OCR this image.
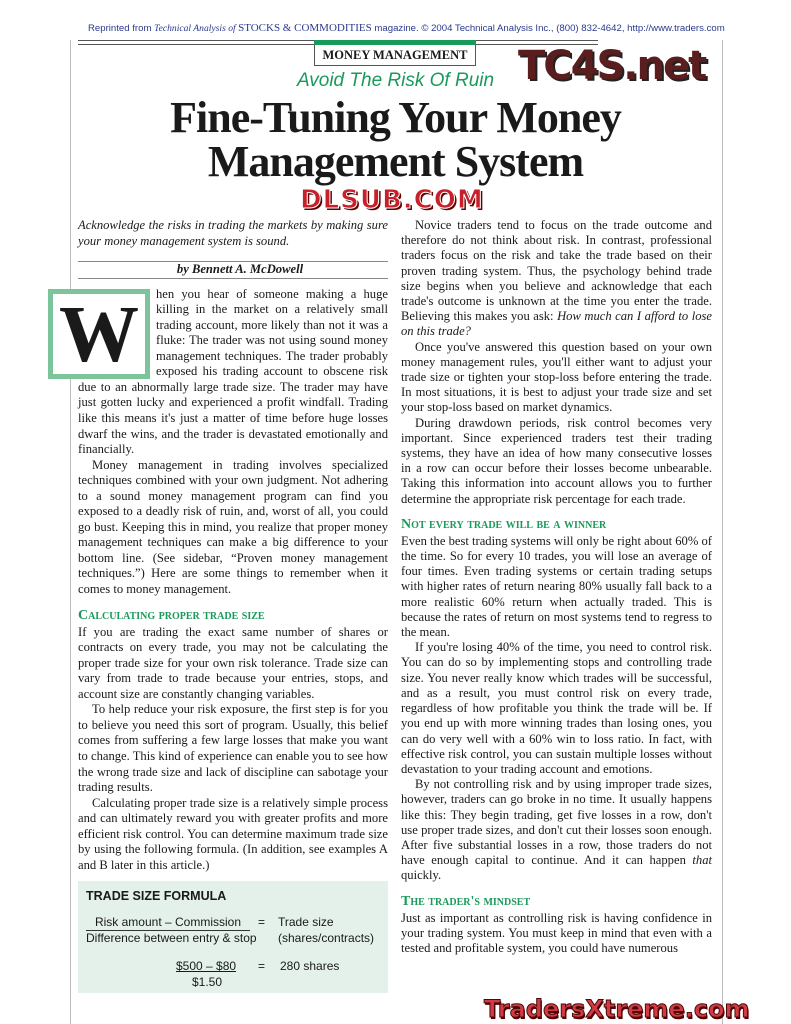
Reprinted from Technical Analysis of STOCKS & COMMODITIES magazine. © 2004 Technical Analysis Inc., (800) 832-4642, http://www.traders.com
MONEY MANAGEMENT
Avoid The Risk Of Ruin
Fine-Tuning Your Money
Management System

Acknowledge the risks in trading the markets by making sure your money management system is sound.

by Bennett A. McDowell

W	hen you hear of someone making a huge killing in the market on a relatively small trading account, more likely than not it was a fluke: The trader was not using sound money management techniques. The trader probably exposed his trading account to obscene risk due to an abnormally large trade size. The trader may have just gotten lucky and experienced a profit windfall. Trading like this means it's just a matter of time before huge losses dwarf the wins, and the trader is devastated emotionally and financially.

Money management in trading involves specialized techniques combined with your own judgment. Not adhering to a sound money management program can find you exposed to a deadly risk of ruin, and, worst of all, you could go bust. Keeping this in mind, you realize that proper money management techniques can make a big difference to your bottom line. (See sidebar, “Proven money management techniques.”) Here are some things to remember when it comes to money management.

Calculating proper trade size

If you are trading the exact same number of shares or contracts on every trade, you may not be calculating the proper trade size for your own risk tolerance. Trade size can vary from trade to trade because your entries, stops, and account size are constantly changing variables.

To help reduce your risk exposure, the first step is for you to believe you need this sort of program. Usually, this belief comes from suffering a few large losses that make you want to change. This kind of experience can enable you to see how the wrong trade size and lack of discipline can sabotage your trading results.

Calculating proper trade size is a relatively simple process and can ultimately reward you with greater profits and more efficient risk control. You can determine maximum trade size by using the following formula. (In addition, see examples A and B later in this article.)

TRADE SIZE FORMULA
Risk amount – Commission
Difference between entry & stop
= Trade size
(shares/contracts)
$500 – $80
$1.50
= 280 shares

Novice traders tend to focus on the trade outcome and therefore do not think about risk. In contrast, professional traders focus on the risk and take the trade based on their proven trading system. Thus, the psychology behind trade size begins when you believe and acknowledge that each trade's outcome is unknown at the time you enter the trade. Believing this makes you ask: How much can I afford to lose on this trade?

Once you've answered this question based on your own money management rules, you'll either want to adjust your trade size or tighten your stop-loss before entering the trade. In most situations, it is best to adjust your trade size and set your stop-loss based on market dynamics.

During drawdown periods, risk control becomes very important. Since experienced traders test their trading systems, they have an idea of how many consecutive losses in a row can occur before their losses become unbearable. Taking this information into account allows you to further determine the appropriate risk percentage for each trade.

Not every trade will be a winner

Even the best trading systems will only be right about 60% of the time. So for every 10 trades, you will lose an average of four times. Even trading systems or certain trading setups with higher rates of return nearing 80% usually fall back to a more realistic 60% return when actually traded. This is because the rates of return on most systems tend to regress to the mean.

If you're losing 40% of the time, you need to control risk. You can do so by implementing stops and controlling trade size. You never really know which trades will be successful, and as a result, you must control risk on every trade, regardless of how profitable you think the trade will be. If you end up with more winning trades than losing ones, you can do very well with a 60% win to loss ratio. In fact, with effective risk control, you can sustain multiple losses without devastation to your trading account and emotions.

By not controlling risk and by using improper trade sizes, however, traders can go broke in no time. It usually happens like this: They begin trading, get five losses in a row, don't use proper trade sizes, and don't cut their losses soon enough. After five substantial losses in a row, those traders do not have enough capital to continue. And it can happen that quickly.

The trader's mindset

Just as important as controlling risk is having confidence in your trading system. You must keep in mind that even with a tested and profitable system, you could have numerous

TC4S.net
DLSUB.COM
TradersXtreme.com
